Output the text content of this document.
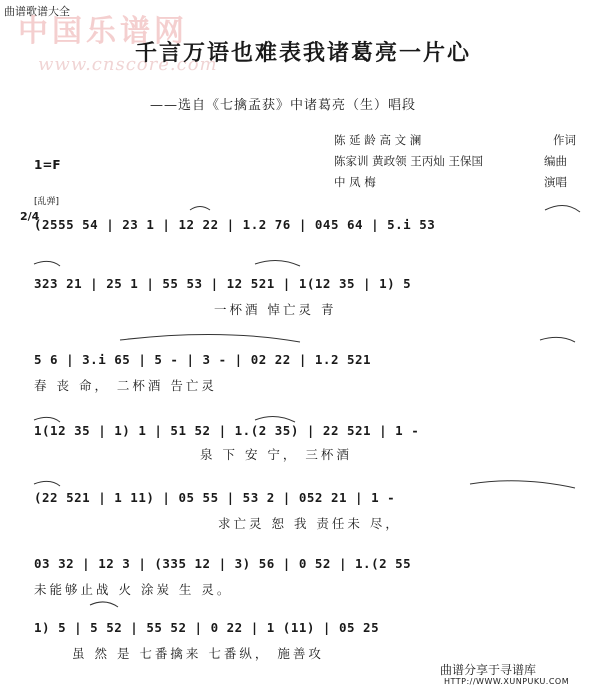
曲谱歌谱大全
中国乐谱网
www.cnscore.com
千言万语也难表我诸葛亮一片心
——选自《七擒孟获》中诸葛亮（生）唱段
陈 延 龄 高 文 澜	作词
陈家训 黄政领 王丙灿 王保国	编曲
中 凤 梅	演唱
1=F
[乱弹]
2/4
(2555 54 | 23 1 | 12 22 | 1.2 76 | 045 64 | 5.i 53
323 21 | 25 1 | 55 53 | 12 521 | 1(12 35 | 1) 5
一杯酒 悼亡灵 青
5 6 | 3.i 65 | 5 - | 3 - | 02 22 | 1.2 521
春 丧 命， 二杯酒 告亡灵
1(12 35 | 1) 1 | 51 52 | 1.(2 35) | 22 521 | 1 -
泉 下 安 宁， 三杯酒
(22 521 | 1 11) | 05 55 | 53 2 | 052 21 | 1 -
求亡灵 恕 我 责任未 尽，
03 32 | 12 3 | (335 12 | 3) 56 | 0 52 | 1.(2 55
未能够止战 火 涂炭 生 灵。
1) 5 | 5 52 | 55 52 | 0 22 | 1 (11) | 05 25
虽 然 是 七番擒来 七番纵， 施善攻
曲谱分享于寻谱库
HTTP://WWW.XUNPUKU.COM
